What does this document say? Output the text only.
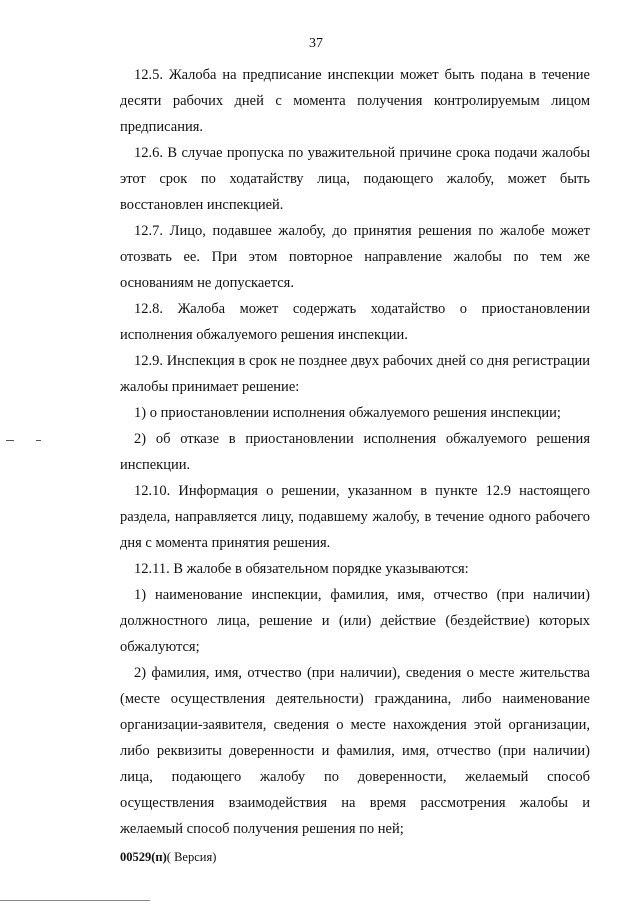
37

12.5. Жалоба на предписание инспекции может быть подана в течение десяти рабочих дней с момента получения контролируемым лицом предписания.

12.6. В случае пропуска по уважительной причине срока подачи жалобы этот срок по ходатайству лица, подающего жалобу, может быть восстановлен инспекцией.

12.7. Лицо, подавшее жалобу, до принятия решения по жалобе может отозвать ее. При этом повторное направление жалобы по тем же основаниям не допускается.

12.8. Жалоба может содержать ходатайство о приостановлении исполнения обжалуемого решения инспекции.

12.9. Инспекция в срок не позднее двух рабочих дней со дня регистрации жалобы принимает решение:

1) о приостановлении исполнения обжалуемого решения инспекции;

2) об отказе в приостановлении исполнения обжалуемого решения инспекции.

12.10. Информация о решении, указанном в пункте 12.9 настоящего раздела, направляется лицу, подавшему жалобу, в течение одного рабочего дня с момента принятия решения.

12.11. В жалобе в обязательном порядке указываются:

1) наименование инспекции, фамилия, имя, отчество (при наличии) должностного лица, решение и (или) действие (бездействие) которых обжалуются;

2) фамилия, имя, отчество (при наличии), сведения о месте жительства (месте осуществления деятельности) гражданина, либо наименование организации-заявителя, сведения о месте нахождения этой организации, либо реквизиты доверенности и фамилия, имя, отчество (при наличии) лица, подающего жалобу по доверенности, желаемый способ осуществления взаимодействия на время рассмотрения жалобы и желаемый способ получения решения по ней;

00529(п)( Версия)
